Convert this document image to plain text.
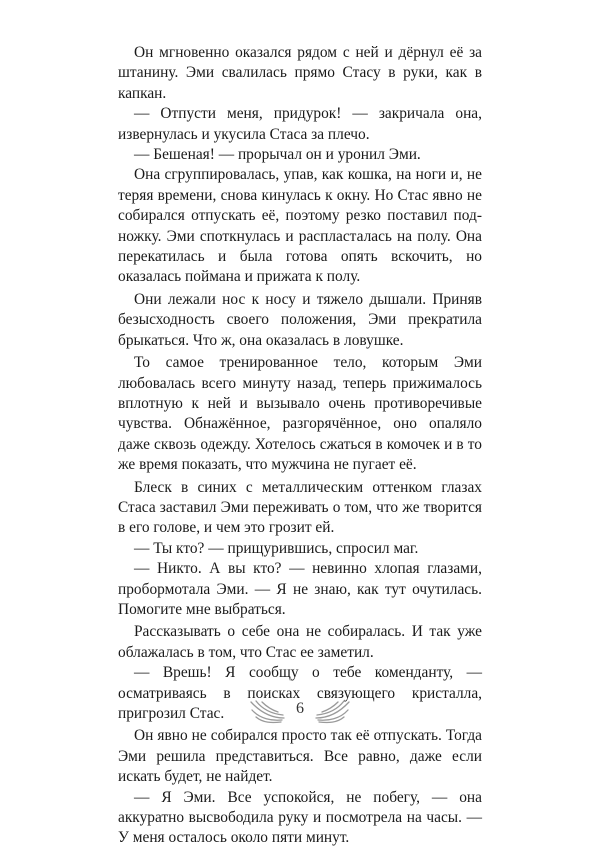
Он мгновенно оказался рядом с ней и дёрнул её за штанину. Эми свалилась прямо Стасу в руки, как в капкан.

— Отпусти меня, придурок! — закричала она, извернулась и укусила Стаса за плечо.

— Бешеная! — прорычал он и уронил Эми.

Она сгруппировалась, упав, как кошка, на ноги и, не теряя времени, снова кинулась к окну. Но Стас явно не собирался отпускать её, поэтому резко поставил подножку. Эми споткнулась и распласталась на полу. Она перекатилась и была готова опять вскочить, но оказалась поймана и прижата к полу.

Они лежали нос к носу и тяжело дышали. Приняв безысходность своего положения, Эми прекратила брыкаться. Что ж, она оказалась в ловушке.

То самое тренированное тело, которым Эми любовалась всего минуту назад, теперь прижималось вплотную к ней и вызывало очень противоречивые чувства. Обнажённое, разгорячённое, оно опаляло даже сквозь одежду. Хотелось сжаться в комочек и в то же время показать, что мужчина не пугает её.

Блеск в синих с металлическим оттенком глазах Стаса заставил Эми переживать о том, что же творится в его голове, и чем это грозит ей.

— Ты кто? — прищурившись, спросил маг.

— Никто. А вы кто? — невинно хлопая глазами, пробормотала Эми. — Я не знаю, как тут очутилась. Помогите мне выбраться.

Рассказывать о себе она не собиралась. И так уже облажалась в том, что Стас ее заметил.

— Врешь! Я сообщу о тебе коменданту, — осматриваясь в поисках связующего кристалла, пригрозил Стас.

Он явно не собирался просто так её отпускать. Тогда Эми решила представиться. Все равно, даже если искать будет, не найдет.

— Я Эми. Все успокойся, не побегу, — она аккуратно высвободила руку и посмотрела на часы. — У меня осталось около пяти минут.

6
